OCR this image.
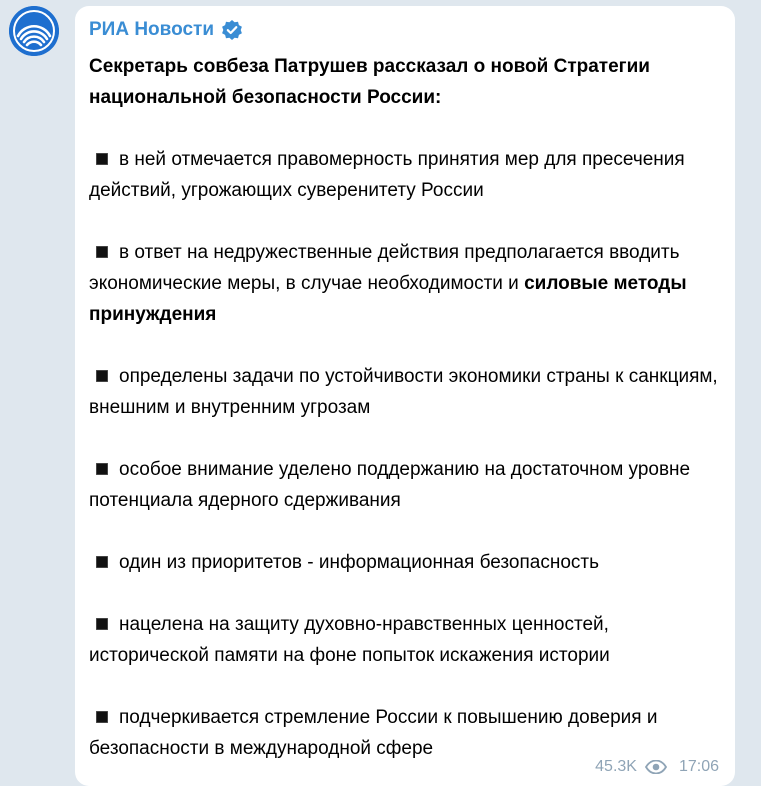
РИА Новости
Секретарь совбеза Патрушев рассказал о новой Стратегии национальной безопасности России:
в ней отмечается правомерность принятия мер для пресечения действий, угрожающих суверенитету России
в ответ на недружественные действия предполагается вводить экономические меры, в случае необходимости и силовые методы принуждения
определены задачи по устойчивости экономики страны к санкциям, внешним и внутренним угрозам
особое внимание уделено поддержанию на достаточном уровне потенциала ядерного сдерживания
один из приоритетов - информационная безопасность
нацелена на защиту духовно-нравственных ценностей, исторической памяти на фоне попыток искажения истории
подчеркивается стремление России к повышению доверия и безопасности в международной сфере
45.3K	17:06
